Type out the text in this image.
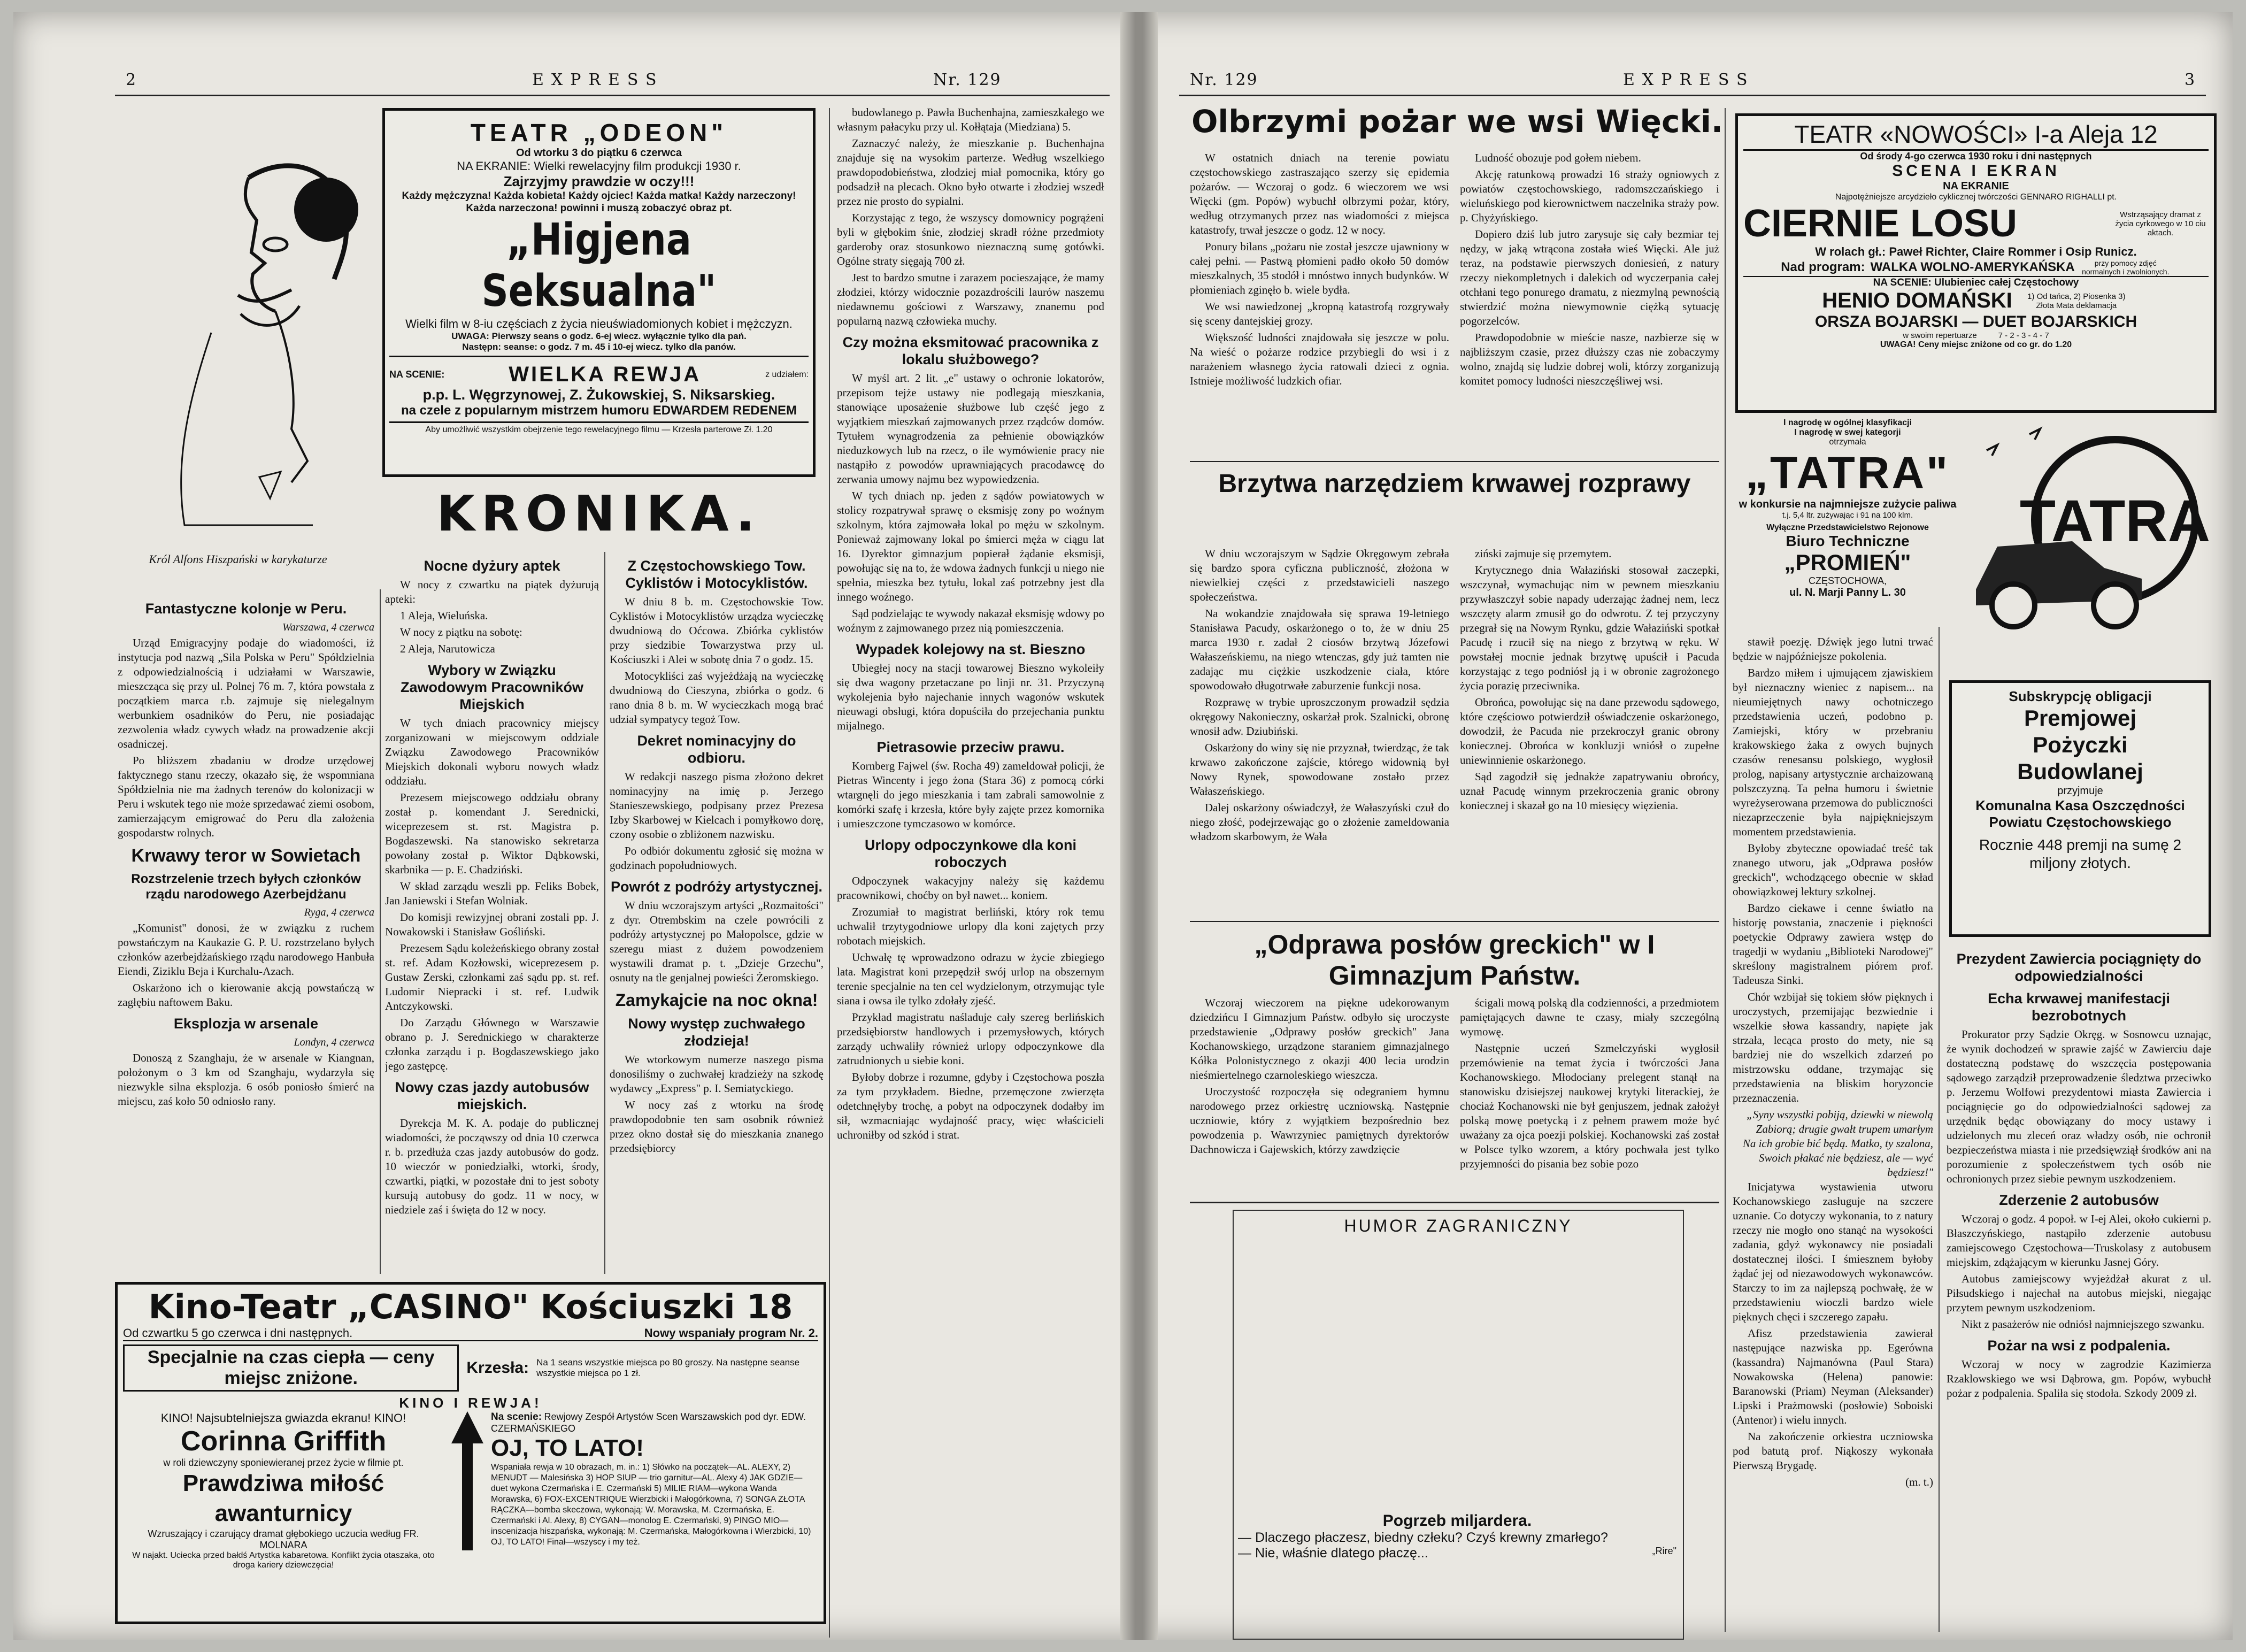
2	EXPRESS	Nr. 129
Król Alfons Hiszpański w karykaturze
TEATR „ODEON"
Od wtorku 3 do piątku 6 czerwca
NA EKRANIE: Wielki rewelacyjny film produkcji 1930 r.
Zajrzyjmy prawdzie w oczy!!!
Każdy mężczyzna! Każda kobieta! Każdy ojciec! Każda matka! Każdy narzeczony! Każda narzeczona! powinni i muszą zobaczyć obraz pt.
„Higjena Seksualna"
Wielki film w 8-iu częściach z życia nieuświadomionych kobiet i mężczyzn.
UWAGA: Pierwszy seans o godz. 6-ej wiecz. wyłącznie tylko dla pań.
Następn: seanse: o godz. 7 m. 45 i 10-ej wiecz. tylko dla panów.
NA SCENIE:	WIELKA REWJA	z udziałem:
p.p. L. Węgrzynowej, Z. Żukowskiej, S. Niksarskieg.
na czele z popularnym mistrzem humoru EDWARDEM REDENEM
Aby umożliwić wszystkim obejrzenie tego rewelacyjnego filmu — Krzesła parterowe Zł. 1.20
KRONIKA.
Fantastyczne kolonje w Peru.
Warszawa, 4 czerwca

Urząd Emigracyjny podaje do wiadomości, iż instytucja pod nazwą „Sila Polska w Peru" Spółdzielnia z odpowiedzialnością i udziałami w Warszawie, mieszcząca się przy ul. Polnej 76 m. 7, która powstała z początkiem marca r.b. zajmuje się nielegalnym werbunkiem osadników do Peru, nie posiadając zezwolenia władz cywych władz na prowadzenie akcji osadniczej.

Po bliższem zbadaniu w drodze urzędowej faktycznego stanu rzeczy, okazało się, że wspomniana Spółdzielnia nie ma żadnych terenów do kolonizacji w Peru i wskutek tego nie może sprzedawać ziemi osobom, zamierzającym emigrować do Peru dla założenia gospodarstw rolnych.

Krwawy teror w Sowietach
Rozstrzelenie trzech byłych członków rządu narodowego Azerbejdżanu
Ryga, 4 czerwca

„Komunist" donosi, że w związku z ruchem powstańczym na Kaukazie G. P. U. rozstrzelano byłych członków azerbejdżańskiego rządu narodowego Hanbuła Eiendi, Ziziklu Beja i Kurchalu-Azach.

Oskarżono ich o kierowanie akcją powstańczą w zagłębiu naftowem Baku.

Eksplozja w arsenale
Londyn, 4 czerwca

Donoszą z Szanghaju, że w arsenale w Kiangnan, położonym o 3 km od Szanghaju, wydarzyła się niezwykle silna eksplozja. 6 osób poniosło śmierć na miejscu, zaś koło 50 odniosło rany.

Nocne dyżury aptek

W nocy z czwartku na piątek dyżurują apteki:

1 Aleja, Wieluńska.

W nocy z piątku na sobotę:

2 Aleja, Narutowicza

Wybory w Związku Zawodowym Pracowników Miejskich

W tych dniach pracownicy miejscy zorganizowani w miejscowym oddziale Związku Zawodowego Pracowników Miejskich dokonali wyboru nowych władz oddziału.

Prezesem miejscowego oddziału obrany został p. komendant J. Serednicki, wiceprezesem st. rst. Magistra p. Bogdaszewski. Na stanowisko sekretarza powołany został p. Wiktor Dąbkowski, skarbnika — p. E. Chadziński.

W skład zarządu weszli pp. Feliks Bobek, Jan Janiewski i Stefan Wolniak.

Do komisji rewizyjnej obrani zostali pp. J. Nowakowski i Stanisław Gośliński.

Prezesem Sądu koleżeńskiego obrany został st. ref. Adam Kozłowski, wiceprezesem p. Gustaw Zerski, członkami zaś sądu pp. st. ref. Ludomir Niepracki i st. ref. Ludwik Antczykowski.

Do Zarządu Głównego w Warszawie obrano p. J. Serednickiego w charakterze członka zarządu i p. Bogdaszewskiego jako jego zastępcę.

Nowy czas jazdy autobusów miejskich.

Dyrekcja M. K. A. podaje do publicznej wiadomości, że począwszy od dnia 10 czerwca r. b. przedłuża czas jazdy autobusów do godz. 10 wieczór w poniedziałki, wtorki, środy, czwartki, piątki, w pozostałe dni to jest soboty kursują autobusy do godz. 11 w nocy, w niedziele zaś i święta do 12 w nocy.

Z Częstochowskiego Tow. Cyklistów i Motocyklistów.

W dniu 8 b. m. Częstochowskie Tow. Cyklistów i Motocyklistów urządza wycieczkę dwudniową do Oćcowa. Zbiórka cyklistów przy siedzibie Towarzystwa przy ul. Kościuszki i Alei w sobotę dnia 7 o godz. 15.

Motocykliści zaś wyjeżdżają na wycieczkę dwudniową do Cieszyna, zbiórka o godz. 6 rano dnia 8 b. m. W wycieczkach mogą brać udział sympatycy tegoż Tow.

Dekret nominacyjny do odbioru.

W redakcji naszego pisma złożono dekret nominacyjny na imię p. Jerzego Stanieszewskiego, podpisany przez Prezesa Izby Skarbowej w Kielcach i pomyłkowo dorę, czony osobie o zbliżonem nazwisku.

Po odbiór dokumentu zgłosić się można w godzinach popołudniowych.

Powrót z podróży artystycznej.

W dniu wczorajszym artyści „Rozmaitości" z dyr. Otrembskim na czele powrócili z podróży artystycznej po Małopolsce, gdzie w szeregu miast z dużem powodzeniem wystawili dramat p. t. „Dzieje Grzechu", osnuty na tle genjalnej powieści Żeromskiego.

Zamykajcie na noc okna!
Nowy występ zuchwałego złodzieja!

We wtorkowym numerze naszego pisma donosiliśmy o zuchwałej kradzieży na szkodę wydawcy „Express" p. I. Semiatyckiego.

W nocy zaś z wtorku na środę prawdopodobnie ten sam osobnik również przez okno dostał się do mieszkania znanego przedsiębiorcy

budowlanego p. Pawła Buchenhajna, zamieszkałego we własnym pałacyku przy ul. Kołłątaja (Miedziana) 5.

Zaznaczyć należy, że mieszkanie p. Buchenhajna znajduje się na wysokim parterze. Według wszelkiego prawdopodobieństwa, złodziej miał pomocnika, który go podsadził na plecach. Okno było otwarte i złodziej wszedł przez nie prosto do sypialni.

Korzystając z tego, że wszyscy domownicy pogrążeni byli w głębokim śnie, złodziej skradł różne przedmioty garderoby oraz stosunkowo nieznaczną sumę gotówki. Ogólne straty sięgają 700 zł.

Jest to bardzo smutne i zarazem pocieszające, że mamy złodziei, którzy widocznie pozazdrościli laurów naszemu niedawnemu gościowi z Warszawy, znanemu pod popularną nazwą człowieka muchy.

Czy można eksmitować pracownika z lokalu służbowego?

W myśl art. 2 lit. „e" ustawy o ochronie lokatorów, przepisom tejże ustawy nie podlegają mieszkania, stanowiące uposażenie służbowe lub część jego z wyjątkiem mieszkań zajmowanych przez rządców domów. Tytułem wynagrodzenia za pełnienie obowiązków nieduzkowych lub na rzecz, o ile wymówienie pracy nie nastąpiło z powodów uprawniających pracodawcę do zerwania umowy najmu bez wypowiedzenia.

W tych dniach np. jeden z sądów powiatowych w stolicy rozpatrywał sprawę o eksmisję zony po woźnym szkolnym, która zajmowała lokal po mężu w szkolnym. Ponieważ zajmowany lokal po śmierci męża w ciągu lat 16. Dyrektor gimnazjum popierał żądanie eksmisji, powołując się na to, że wdowa żadnych funkcji u niego nie spełnia, mieszka bez tytułu, lokal zaś potrzebny jest dla innego woźnego.

Sąd podzielając te wywody nakazał eksmisję wdowy po woźnym z zajmowanego przez nią pomieszczenia.

Wypadek kolejowy na st. Bieszno

Ubiegłej nocy na stacji towarowej Bieszno wykoleiły się dwa wagony przetaczane po linji nr. 31. Przyczyną wykolejenia było najechanie innych wagonów wskutek nieuwagi obsługi, która dopuściła do przejechania punktu mijalnego.

Pietrasowie przeciw prawu.

Kornberg Fajwel (św. Rocha 49) zameldował policji, że Pietras Wincenty i jego żona (Stara 36) z pomocą córki wtargnęli do jego mieszkania i tam zabrali samowolnie z komórki szafę i krzesła, które były zajęte przez komornika i umieszczone tymczasowo w komórce.

Urlopy odpoczynkowe dla koni roboczych

Odpoczynek wakacyjny należy się każdemu pracownikowi, choćby on był nawet... koniem.

Zrozumiał to magistrat berliński, który rok temu uchwalił trzytygodniowe urlopy dla koni zajętych przy robotach miejskich.

Uchwałę tę wprowadzono odrazu w życie zbiegiego lata. Magistrat koni przepędził swój urlop na obszernym terenie specjalnie na ten cel wydzielonym, otrzymując tyle siana i owsa ile tylko zdołały zjeść.

Przykład magistratu naśladuje cały szereg berlińskich przedsiębiorstw handlowych i przemysłowych, których zarządy uchwaliły również urlopy odpoczynkowe dla zatrudnionych u siebie koni.

Byłoby dobrze i rozumne, gdyby i Częstochowa poszła za tym przykładem. Biedne, przemęczone zwierzęta odetchnęłyby trochę, a pobyt na odpoczynek dodałby im sił, wzmacniając wydajność pracy, więc właścicieli uchroniłby od szkód i strat.

Kino-Teatr „CASINO" Kościuszki 18
Od czwartku 5 go czerwca i dni następnych.	Nowy wspaniały program Nr. 2.
Specjalnie na czas ciepła — ceny miejsc zniżone.
Krzesła: Na 1 seans wszystkie miejsca po 80 groszy. Na następne seanse wszystkie miejsca po 1 zł.
KINO I REWJA!
KINO! Najsubtelniejsza gwiazda ekranu! KINO!
Corinna Griffith
w roli dziewczyny sponiewieranej przez życie w filmie pt.
Prawdziwa miłość awanturnicy
Wzruszający i czarujący dramat głębokiego uczucia według FR. MOLNARA
W najakt. Uciecka przed bałdś Artystka kabaretowa. Konflikt życia otaszaka, oto droga kariery dziewczęcia!
Na scenie: Rewjowy Zespół Artystów Scen Warszawskich pod dyr. EDW. CZERMAŃSKIEGO
OJ, TO LATO!
Wspaniała rewja w 10 obrazach, m. in.: 1) Słówko na początek—AL. ALEXY, 2) MENUDT — Malesińska 3) HOP SIUP — trio garnitur—AL. Alexy 4) JAK GDZIE—duet wykona Czermańska i E. Czermański 5) MILIE RIAM—wykona Wanda Morawska, 6) FOX-EXCENTRIQUE Wierzbicki i Małogórkowna, 7) SONGA ZŁOTA RĄCZKA—bomba skeczowa, wykonają: W. Morawska, M. Czermańska, E. Czermański i Al. Alexy, 8) CYGAN—monolog E. Czermański, 9) PINGO MIO—inscenizacja hiszpańska, wykonają: M. Czermańska, Małogórkowna i Wierzbicki, 10) OJ, TO LATO! Finał—wszyscy i my też.
Nr. 129	EXPRESS	3
Olbrzymi pożar we wsi Więcki.

W ostatnich dniach na terenie powiatu częstochowskiego zastraszająco szerzy się epidemia pożarów. — Wczoraj o godz. 6 wieczorem we wsi Więcki (gm. Popów) wybuchł olbrzymi pożar, który, według otrzymanych przez nas wiadomości z miejsca katastrofy, trwał jeszcze o godz. 12 w nocy.

Ponury bilans „pożaru nie został jeszcze ujawniony w całej pełni. — Pastwą płomieni padło około 50 domów mieszkalnych, 35 stodół i mnóstwo innych budynków. W płomieniach zginęło b. wiele bydła.

We wsi nawiedzonej „kropną katastrofą rozgrywały się sceny dantejskiej grozy.

Większość ludności znajdowała się jeszcze w polu. Na wieść o pożarze rodzice przybiegli do wsi i z narażeniem własnego życia ratowali dzieci z ognia. Istnieje możliwość ludzkich ofiar.

Ludność obozuje pod gołem niebem.

Akcję ratunkową prowadzi 16 straży ogniowych z powiatów częstochowskiego, radomszczańskiego i wieluńskiego pod kierownictwem naczelnika straży pow. p. Chyżyńskiego.

Dopiero dziś lub jutro zarysuje się cały bezmiar tej nędzy, w jaką wtrącona została wieś Więcki. Ale już teraz, na podstawie pierwszych doniesień, z natury rzeczy niekompletnych i dalekich od wyczerpania całej otchłani tego ponurego dramatu, z niezmylną pewnością stwierdzić można niewymownie ciężką sytuację pogorzelców.

Prawdopodobnie w mieście nasze, nazbierze się w najbliższym czasie, przez dłuższy czas nie zobaczymy wolno, znajdą się ludzie dobrej woli, którzy zorganizują komitet pomocy ludności nieszczęśliwej wsi.

Brzytwa narzędziem krwawej rozprawy

W dniu wczorajszym w Sądzie Okręgowym zebrała się bardzo spora cyficzna publiczność, złożona w niewielkiej części z przedstawicieli naszego społeczeństwa.

Na wokandzie znajdowała się sprawa 19-letniego Stanisława Pacudy, oskarżonego o to, że w dniu 25 marca 1930 r. zadał 2 ciosów brzytwą Józefowi Wałaszeńskiemu, na niego wtenczas, gdy już tamten nie zadając mu ciężkie uszkodzenie ciała, które spowodowało długotrwałe zaburzenie funkcji nosa.

Rozprawę w trybie uproszczonym prowadził sędzia okręgowy Nakonieczny, oskarżał prok. Szalnicki, obronę wnosił adw. Dziubiński.

Oskarżony do winy się nie przyznał, twierdząc, że tak krwawo zakończone zajście, którego widownią był Nowy Rynek, spowodowane zostało przez Wałaszeńskiego.

Dalej oskarżony oświadczył, że Wałaszyński czuł do niego złość, podejrzewając go o złożenie zameldowania władzom skarbowym, że Wała

ziński zajmuje się przemytem.

Krytycznego dnia Wałaziński stosował zaczepki, wszczynał, wymachując nim w pewnem mieszkaniu przywłaszczył sobie napady uderzając żadnej nem, lecz wszczęty alarm zmusił go do odwrotu. Z tej przyczyny przegrał się na Nowym Rynku, gdzie Wałaziński spotkał Pacudę i rzucił się na niego z brzytwą w ręku. W powstałej mocnie jednak brzytwę upuścił i Pacuda korzystając z tego podniósł ją i w obronie zagrożonego życia porazię przeciwnika.

Obrońca, powołując się na dane przewodu sądowego, które częściowo potwierdził oświadczenie oskarżonego, dowodził, że Pacuda nie przekroczył granic obrony koniecznej. Obrońca w konkluzji wniósł o zupełne uniewinnienie oskarżonego.

Sąd zagodził się jednakże zapatrywaniu obrońcy, uznał Pacudę winnym przekroczenia granic obrony koniecznej i skazał go na 10 miesięcy więzienia.

„Odprawa posłów greckich" w I Gimnazjum Państw.

Wczoraj wieczorem na piękne udekorowanym dziedzińcu I Gimnazjum Państw. odbyło się uroczyste przedstawienie „Odprawy posłów greckich" Jana Kochanowskiego, urządzone staraniem gimnazjalnego Kółka Polonistycznego z okazji 400 lecia urodzin nieśmiertelnego czarnoleskiego wieszcza.

Uroczystość rozpoczęła się odegraniem hymnu narodowego przez orkiestrę uczniowską. Następnie uczniowie, który z wyjątkiem bezpośrednio bez powodzenia p. Wawrzyniec pamiętnych dyrektorów Dachnowicza i Gajewskich, którzy zawdzięcie

ścigali mową polską dla codzienności, a przedmiotem pamiętających dawne te czasy, miały szczególną wymowę.

Następnie uczeń Szmelczyński wygłosił przemówienie na temat życia i twórczości Jana Kochanowskiego. Młodociany prelegent stanął na stanowisku dzisiejszej naukowej krytyki literackiej, że chociaż Kochanowski nie był genjuszem, jednak założył polską mowę poetycką i z pełnem prawem może być uważany za ojca poezji polskiej. Kochanowski zaś został w Polsce tylko wzorem, a który pochwała jest tylko przyjemności do pisania bez sobie pozo

HUMOR ZAGRANICZNY
Pogrzeb miljardera.
— Dlaczego płaczesz, biedny człeku? Czyś krewny zmarłego?
— Nie, właśnie dlatego płaczę...	„Rire"
TEATR «NOWOŚCI» I-a Aleja 12
Od środy 4-go czerwca 1930 roku i dni następnych
SCENA I EKRAN
NA EKRANIE
Najpotężniejsze arcydzieło cyklicznej twórczości GENNARO RIGHALLI pt.
CIERNIE LOSU	Wstrząsający dramat z życia cyrkowego w 10 ciu aktach.
W rolach gł.: Paweł Richter, Claire Rommer i Osip Runicz.
Nad program: WALKA WOLNO-AMERYKAŃSKA	przy pomocy zdjęć normalnych i zwolnionych.
NA SCENIE: Ulubieniec całej Częstochowy
HENIO DOMAŃSKI	1) Od tańca, 2) Piosenka 3) Złota Mata deklamacja
ORSZA BOJARSKI — DUET BOJARSKICH
w swoim repertuarze	7 - 2 - 3 - 4 - 7
UWAGA! Ceny miejsc zniżone od co gr. do 1.20
I nagrodę w ogólnej klasyfikacji
I nagrodę w swej kategorji
otrzymała
„TATRA"
w konkursie na najmniejsze zużycie paliwa
t.j. 5,4 ltr. zużywając i 91 na 100 klm.
Wyłączne Przedstawicielstwo Rejonowe
Biuro Techniczne
„PROMIEŃ"
CZĘSTOCHOWA,
ul. N. Marji Panny L. 30
TATRA

stawił poezję. Dźwięk jego lutni trwać będzie w najpóźniejsze pokolenia.

Bardzo miłem i ujmującem zjawiskiem był nieznaczny wieniec z napisem... na nieumiejętnych nawy ochotniczego przedstawienia uczeń, podobno p. Zamiejski, który w przebraniu krakowskiego żaka z owych bujnych czasów renesansu polskiego, wygłosił prolog, napisany artystycznie archaizowaną polszczyzną. Ta pełna humoru i świetnie wyreżyserowana przemowa do publiczności niezaprzeczenie była najpiękniejszym momentem przedstawienia.

Byłoby zbyteczne opowiadać treść tak znanego utworu, jak „Odprawa posłów greckich", wchodzącego obecnie w skład obowiązkowej lektury szkolnej.

Bardzo ciekawe i cenne światło na historję powstania, znaczenie i piękności poetyckie Odprawy zawiera wstęp do tragedji w wydaniu „Biblioteki Narodowej" skreślony magistralnem piórem prof. Tadeusza Sinki.

Chór wzbijał się tokiem słów pięknych i uroczystych, przemijając bezwiednie i wszelkie słowa kassandry, napięte jak strzała, lecąca prosto do mety, nie są bardziej nie do wszelkich zdarzeń po mistrzowsku oddane, trzymając się przedstawienia na bliskim horyzoncie przeznaczenia.

„Syny wszystki pobiją, dziewki w niewolą
Zabiorą; drugie gwałt trupem umarłym
Na ich grobie bić będą. Matko, ty szalona,
Swoich płakać nie będziesz, ale — wyć będziesz!"

Inicjatywa wystawienia utworu Kochanowskiego zasługuje na szczere uznanie. Co dotyczy wykonania, to z natury rzeczy nie mogło ono stanąć na wysokości zadania, gdyż wykonawcy nie posiadali dostatecznej ilości. I śmiesznem byłoby żądać jej od niezawodowych wykonawców. Starczy to im za najlepszą pochwałę, że w przedstawieniu wioczli bardzo wiele pięknych chęci i szczerego zapału.

Afisz przedstawienia zawierał następujące nazwiska pp. Egerówna (kassandra) Najmanówna (Paul Stara) Nowakowska (Helena) panowie: Baranowski (Priam) Neyman (Aleksander) Lipski i Prażmowski (posłowie) Soboiski (Antenor) i wielu innych.

Na zakończenie orkiestra uczniowska pod batutą prof. Niąkoszy wykonała Pierwszą Brygadę.

(m. t.)
Subskrypcję obligacji
Premjowej
Pożyczki
Budowlanej
przyjmuje
Komunalna Kasa Oszczędności
Powiatu Częstochowskiego
Rocznie 448 premji na sumę 2 miljony złotych.
Prezydent Zawiercia pociągnięty do odpowiedzialności
Echa krwawej manifestacji bezrobotnych

Prokurator przy Sądzie Okręg. w Sosnowcu uznając, że wynik dochodzeń w sprawie zajść w Zawierciu daje dostateczną podstawę do wszczęcia postępowania sądowego zarządził przeprowadzenie śledztwa przeciwko p. Jerzemu Wolfowi prezydentowi miasta Zawiercia i pociągnięcie go do odpowiedzialności sądowej za urzędnik będąc obowiązany do mocy ustawy i udzielonych mu zleceń oraz władzy osób, nie ochronił bezpieczeństwa miasta i nie przedsięwziął środków ani na porozumienie z społeczeństwem tych osób nie ochronionych przez siebie pewnym uszkodzeniem.

Zderzenie 2 autobusów

Wczoraj o godz. 4 popoł. w I-ej Alei, około cukierni p. Błaszczyńskiego, nastąpiło zderzenie autobusu zamiejscowego Częstochowa—Truskolasy z autobusem miejskim, zdążającym w kierunku Jasnej Góry.

Autobus zamiejscowy wyjeżdżał akurat z ul. Piłsudskiego i najechał na autobus miejski, niegając przytem pewnym uszkodzeniom.

Nikt z pasażerów nie odniósł najmniejszego szwanku.

Pożar na wsi z podpalenia.

Wczoraj w nocy w zagrodzie Kazimierza Rzaklowskiego we wsi Dąbrowa, gm. Popów, wybuchł pożar z podpalenia. Spaliła się stodoła. Szkody 2009 zł.
